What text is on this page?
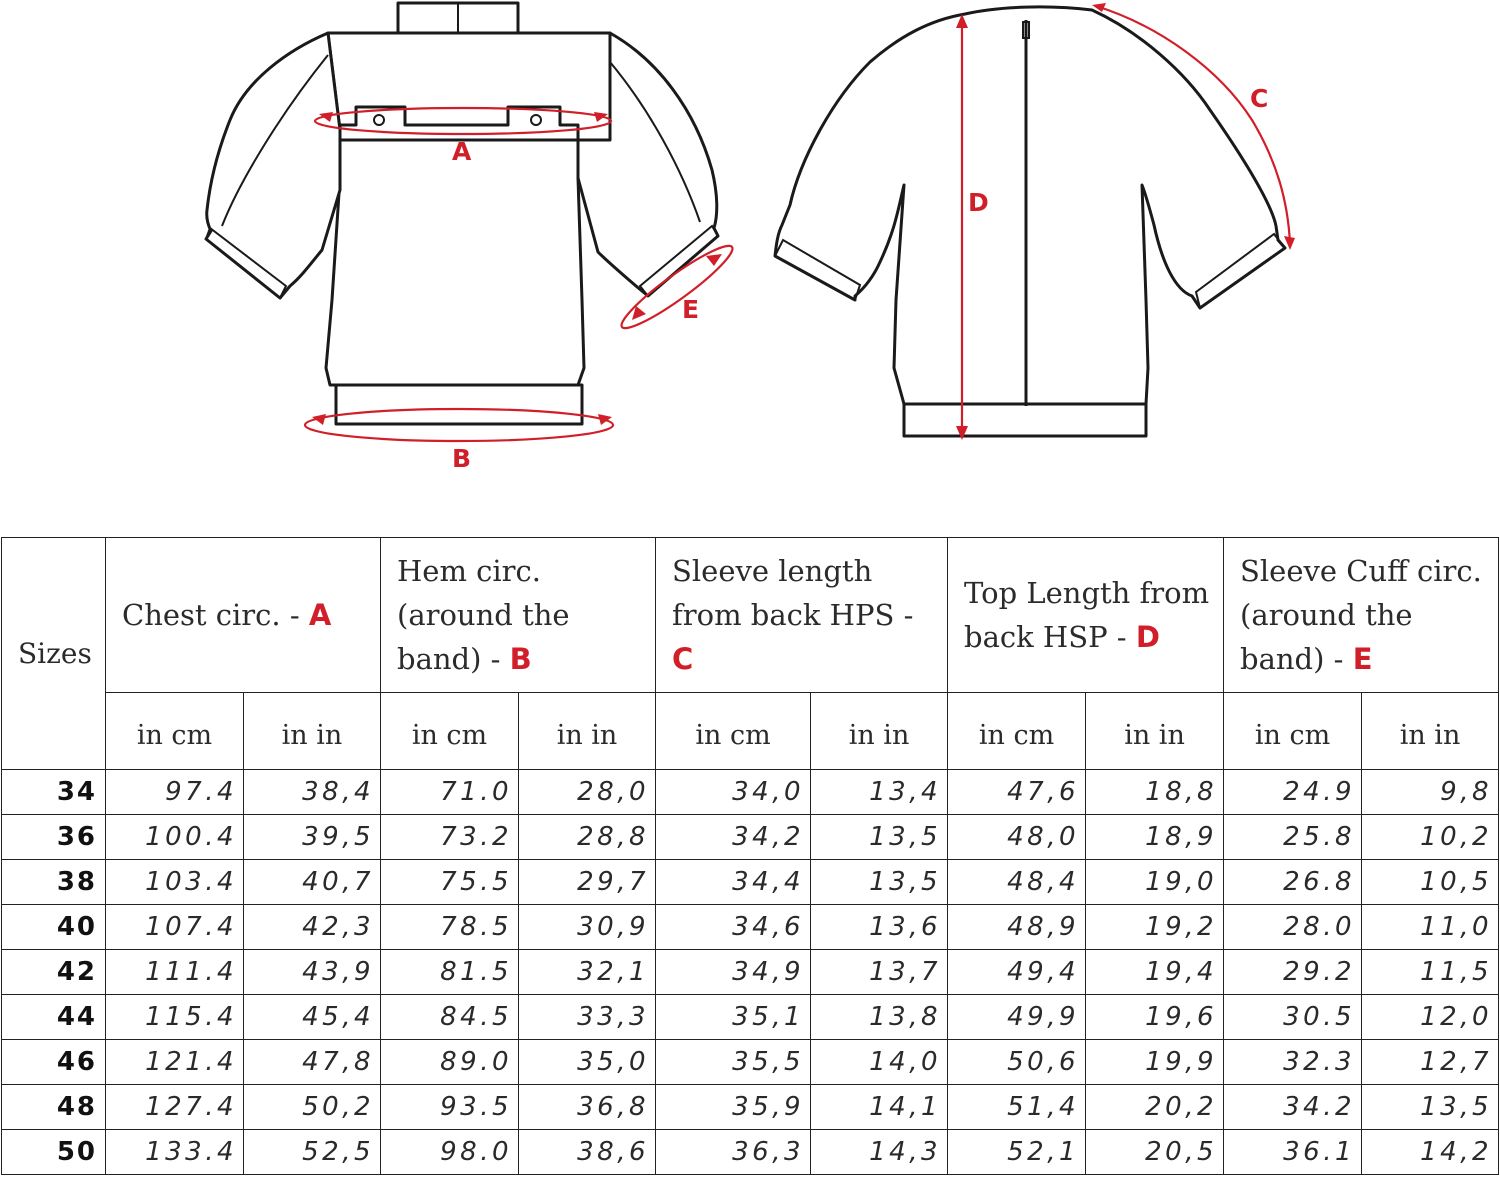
A
B
C
D
E
Sizes	Chest circ. - A		Hem circ. (around the band) - B		Sleeve length from back HPS - C		Top Length from back HSP - D		Sleeve Cuff circ. (around the band) - E	
	in cm	in in	in cm	in in	in cm	in in	in cm	in in	in cm	in in
34	97.4	38,4	71.0	28,0	34,0	13,4	47,6	18,8	24.9	9,8
36	100.4	39,5	73.2	28,8	34,2	13,5	48,0	18,9	25.8	10,2
38	103.4	40,7	75.5	29,7	34,4	13,5	48,4	19,0	26.8	10,5
40	107.4	42,3	78.5	30,9	34,6	13,6	48,9	19,2	28.0	11,0
42	111.4	43,9	81.5	32,1	34,9	13,7	49,4	19,4	29.2	11,5
44	115.4	45,4	84.5	33,3	35,1	13,8	49,9	19,6	30.5	12,0
46	121.4	47,8	89.0	35,0	35,5	14,0	50,6	19,9	32.3	12,7
48	127.4	50,2	93.5	36,8	35,9	14,1	51,4	20,2	34.2	13,5
50	133.4	52,5	98.0	38,6	36,3	14,3	52,1	20,5	36.1	14,2
